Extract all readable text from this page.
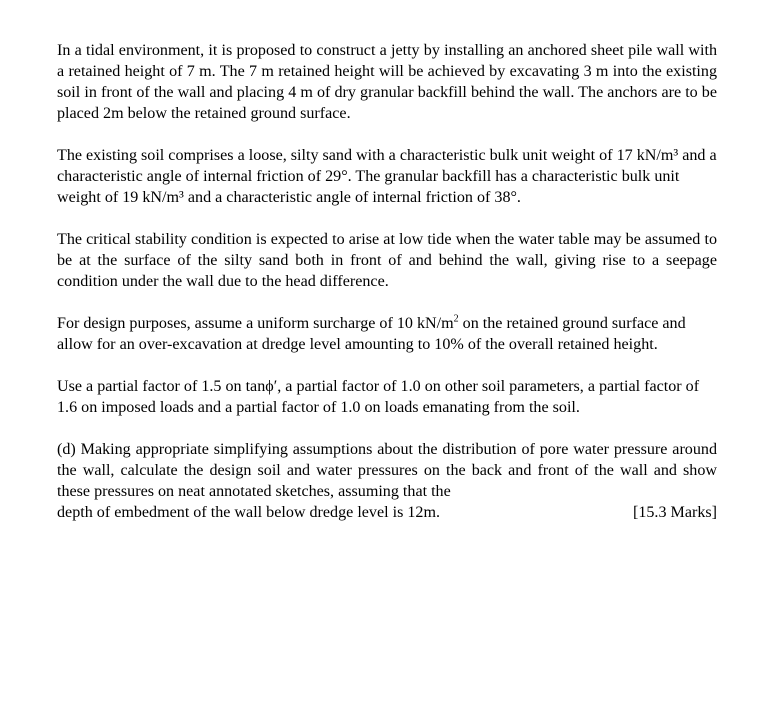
In a tidal environment, it is proposed to construct a jetty by installing an anchored sheet pile wall with a retained height of 7 m. The 7 m retained height will be achieved by excavating 3 m into the existing soil in front of the wall and placing 4 m of dry granular backfill behind the wall. The anchors are to be placed 2m below the retained ground surface.

The existing soil comprises a loose, silty sand with a characteristic bulk unit weight of 17 kN/m³ and a characteristic angle of internal friction of 29°. The granular backfill has a characteristic bulk unit weight of 19 kN/m³ and a characteristic angle of internal friction of 38°.

The critical stability condition is expected to arise at low tide when the water table may be assumed to be at the surface of the silty sand both in front of and behind the wall, giving rise to a seepage condition under the wall due to the head difference.

For design purposes, assume a uniform surcharge of 10 $kN/m^2$ on the retained ground surface and allow for an over-excavation at dredge level amounting to 10% of the overall retained height.

Use a partial factor of 1.5 on tanϕ′, a partial factor of 1.0 on other soil parameters, a partial factor of 1.6 on imposed loads and a partial factor of 1.0 on loads emanating from the soil.

(d) Making appropriate simplifying assumptions about the distribution of pore water pressure around the wall, calculate the design soil and water pressures on the back and front of the wall and show these pressures on neat annotated sketches, assuming that the
depth of embedment of the wall below dredge level is 12m.	[15.3 Marks]
